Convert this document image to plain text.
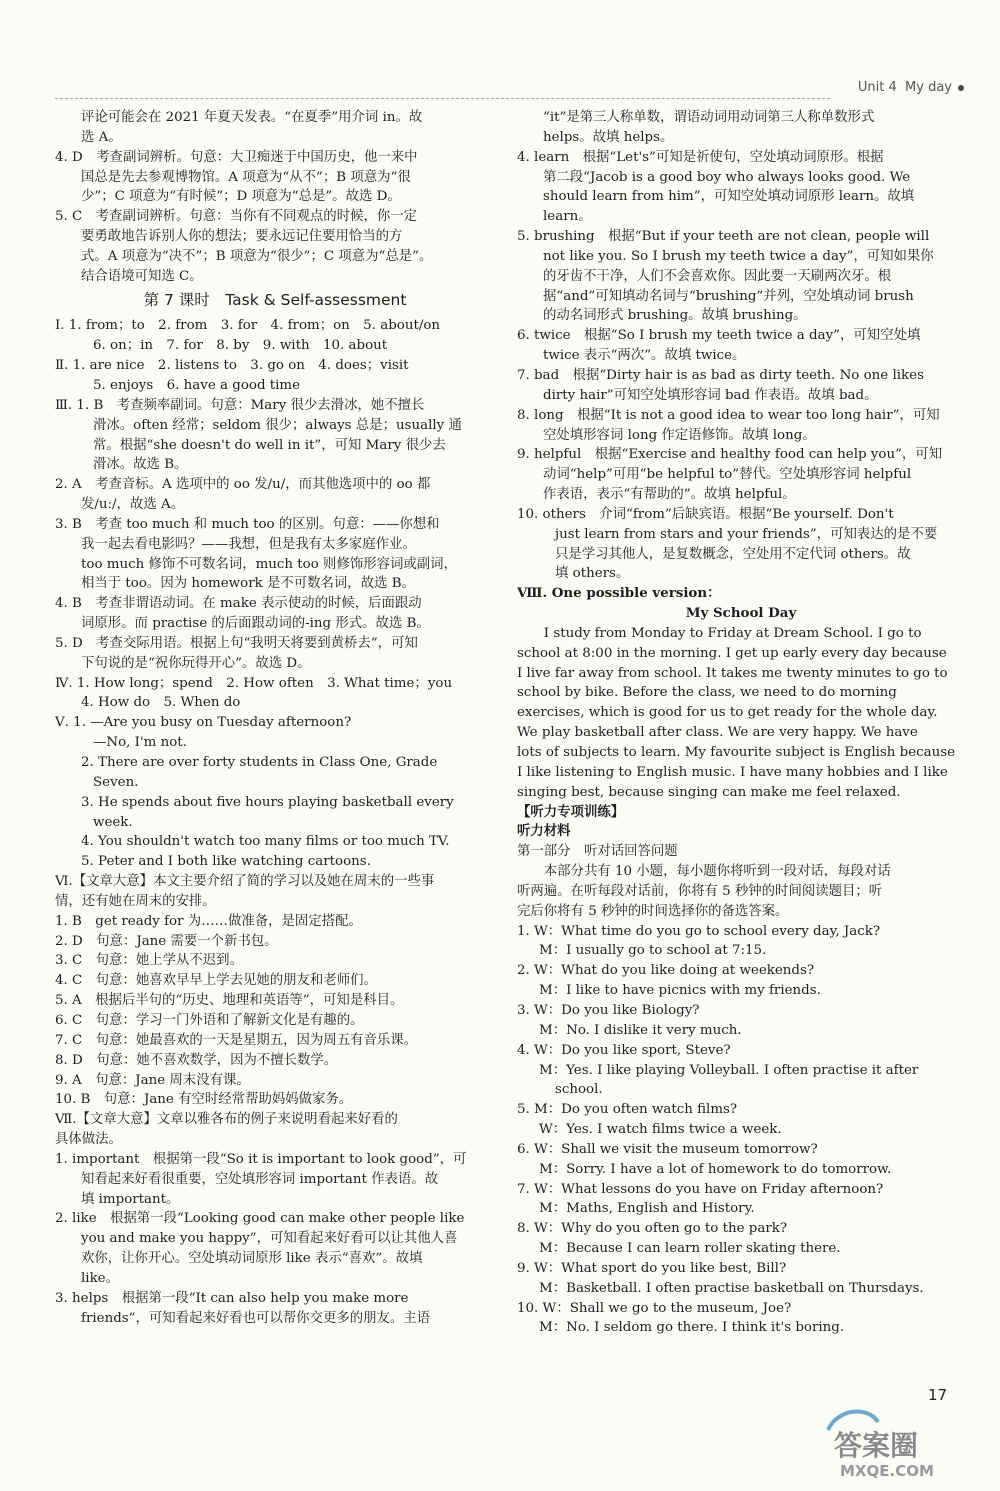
Unit 4 My day

评论可能会在 2021 年夏天发表。“在夏季”用介词 in。故

选 A。

4. D　考查副词辨析。句意：大卫痴迷于中国历史，他一来中

国总是先去参观博物馆。A 项意为“从不”；B 项意为“很

少”；C 项意为“有时候”；D 项意为“总是”。故选 D。

5. C　考查副词辨析。句意：当你有不同观点的时候，你一定

要勇敢地告诉别人你的想法；要永远记住要用恰当的方

式。A 项意为“决不”；B 项意为“很少”；C 项意为“总是”。

结合语境可知选 C。

第 7 课时　Task & Self-assessment

Ⅰ. 1. from；to　2. from　3. for　4. from；on　5. about/on

6. on；in　7. for　8. by　9. with　10. about

Ⅱ. 1. are nice　2. listens to　3. go on　4. does；visit

5. enjoys　6. have a good time

Ⅲ. 1. B　考查频率副词。句意：Mary 很少去滑冰，她不擅长

滑冰。often 经常；seldom 很少；always 总是；usually 通

常。根据“she doesn't do well in it”，可知 Mary 很少去

滑冰。故选 B。

2. A　考查音标。A 选项中的 oo 发/u/，而其他选项中的 oo 都

发/uː/，故选 A。

3. B　考查 too much 和 much too 的区别。句意：——你想和

我一起去看电影吗？——我想，但是我有太多家庭作业。

too much 修饰不可数名词，much too 则修饰形容词或副词，

相当于 too。因为 homework 是不可数名词，故选 B。

4. B　考查非谓语动词。在 make 表示使动的时候，后面跟动

词原形。而 practise 的后面跟动词的-ing 形式。故选 B。

5. D　考查交际用语。根据上句“我明天将要到黄桥去”，可知

下句说的是“祝你玩得开心”。故选 D。

Ⅳ. 1. How long；spend　2. How often　3. What time；you

4. How do　5. When do

Ⅴ. 1. —Are you busy on Tuesday afternoon?

—No, I'm not.

2. There are over forty students in Class One, Grade

Seven.

3. He spends about five hours playing basketball every

week.

4. You shouldn't watch too many films or too much TV.

5. Peter and I both like watching cartoons.

Ⅵ.【文章大意】本文主要介绍了简的学习以及她在周末的一些事

情，还有她在周末的安排。

1. B　get ready for 为……做准备，是固定搭配。

2. D　句意：Jane 需要一个新书包。

3. C　句意：她上学从不迟到。

4. C　句意：她喜欢早早上学去见她的朋友和老师们。

5. A　根据后半句的“历史、地理和英语等”，可知是科目。

6. C　句意：学习一门外语和了解新文化是有趣的。

7. C　句意：她最喜欢的一天是星期五，因为周五有音乐课。

8. D　句意：她不喜欢数学，因为不擅长数学。

9. A　句意：Jane 周末没有课。

10. B　句意：Jane 有空时经常帮助妈妈做家务。

Ⅶ.【文章大意】文章以雅各布的例子来说明看起来好看的

具体做法。

1. important　根据第一段“So it is important to look good”，可

知看起来好看很重要，空处填形容词 important 作表语。故

填 important。

2. like　根据第一段“Looking good can make other people like

you and make you happy”，可知看起来好看可以让其他人喜

欢你，让你开心。空处填动词原形 like 表示“喜欢”。故填

like。

3. helps　根据第一段“It can also help you make more

friends”，可知看起来好看也可以帮你交更多的朋友。主语

“it”是第三人称单数，谓语动词用动词第三人称单数形式

helps。故填 helps。

4. learn　根据“Let's”可知是祈使句，空处填动词原形。根据

第二段“Jacob is a good boy who always looks good. We

should learn from him”，可知空处填动词原形 learn。故填

learn。

5. brushing　根据“But if your teeth are not clean, people will

not like you. So I brush my teeth twice a day”，可知如果你

的牙齿不干净，人们不会喜欢你。因此要一天刷两次牙。根

据“and”可知填动名词与“brushing”并列，空处填动词 brush

的动名词形式 brushing。故填 brushing。

6. twice　根据“So I brush my teeth twice a day”，可知空处填

twice 表示“两次”。故填 twice。

7. bad　根据“Dirty hair is as bad as dirty teeth. No one likes

dirty hair”可知空处填形容词 bad 作表语。故填 bad。

8. long　根据“It is not a good idea to wear too long hair”，可知

空处填形容词 long 作定语修饰。故填 long。

9. helpful　根据“Exercise and healthy food can help you”，可知

动词“help”可用“be helpful to”替代。空处填形容词 helpful

作表语，表示“有帮助的”。故填 helpful。

10. others　介词“from”后缺宾语。根据“Be yourself. Don't

just learn from stars and your friends”，可知表达的是不要

只是学习其他人，是复数概念，空处用不定代词 others。故

填 others。

Ⅷ. One possible version：

My School Day

　　I study from Monday to Friday at Dream School. I go to

school at 8:00 in the morning. I get up early every day because

I live far away from school. It takes me twenty minutes to go to

school by bike. Before the class, we need to do morning

exercises, which is good for us to get ready for the whole day.

We play basketball after class. We are very happy. We have

lots of subjects to learn. My favourite subject is English because

I like listening to English music. I have many hobbies and I like

singing best, because singing can make me feel relaxed.

【听力专项训练】

听力材料

第一部分　听对话回答问题

　　本部分共有 10 小题，每小题你将听到一段对话，每段对话

听两遍。在听每段对话前，你将有 5 秒钟的时间阅读题目；听

完后你将有 5 秒钟的时间选择你的备选答案。

1. W：What time do you go to school every day, Jack?

M：I usually go to school at 7:15.

2. W：What do you like doing at weekends?

M：I like to have picnics with my friends.

3. W：Do you like Biology?

M：No. I dislike it very much.

4. W：Do you like sport, Steve?

M：Yes. I like playing Volleyball. I often practise it after

school.

5. M：Do you often watch films?

W：Yes. I watch films twice a week.

6. W：Shall we visit the museum tomorrow?

M：Sorry. I have a lot of homework to do tomorrow.

7. W：What lessons do you have on Friday afternoon?

M：Maths, English and History.

8. W：Why do you often go to the park?

M：Because I can learn roller skating there.

9. W：What sport do you like best, Bill?

M：Basketball. I often practise basketball on Thursdays.

10. W：Shall we go to the museum, Joe?

M：No. I seldom go there. I think it's boring.

17
答案圈
MXQE.COM
